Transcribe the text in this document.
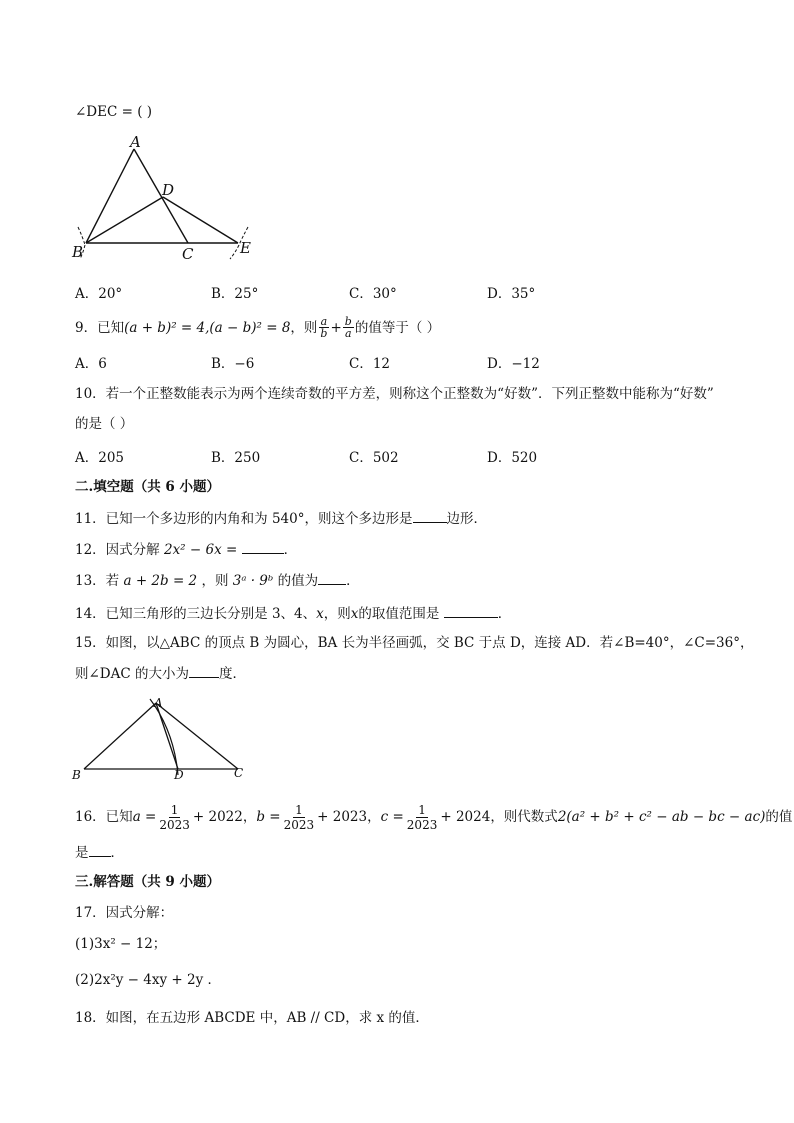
∠DEC = ( )
A
D
B	C	E
A．20°	B．25°	C．30°	D．35°
9．已知 (a + b)² = 4,(a − b)² = 8 ，则 $\frac{a}{b} + \frac{b}{a}$ 的值等于（ ）
A．6	B．−6	C．12	D．−12
10．若一个正整数能表示为两个连续奇数的平方差，则称这个正整数为“好数”．下列正整数中能称为“好数”
的是（ ）
A．205	B．250	C．502	D．520
二.填空题（共 6 小题）
11．已知一个多边形的内角和为 540°，则这个多边形是	边形．
12．因式分解 2x² − 6x =	．
13．若 a + 2b = 2 ，则 3ᵃ · 9ᵇ 的值为 ．
14．已知三角形的三边长分别是 3、4、x，则x的取值范围是	．
15．如图，以△ABC 的顶点 B 为圆心，BA 长为半径画弧，交 BC 于点 D，连接 AD．若∠B=40°，∠C=36°，
则∠DAC 的大小为 度．
A
B	D	C
16．已知 $a = \frac{1}{2023} + 2022$ ， $b = \frac{1}{2023} + 2023$ ， $c = \frac{1}{2023} + 2024$ ，则代数式 2(a² + b² + c² − ab − bc − ac) 的值
是 ．
三.解答题（共 9 小题）
17．因式分解：
(1)3x² − 12；
(2)2x²y − 4xy + 2y ．
18．如图，在五边形 ABCDE 中，AB // CD，求 x 的值．
